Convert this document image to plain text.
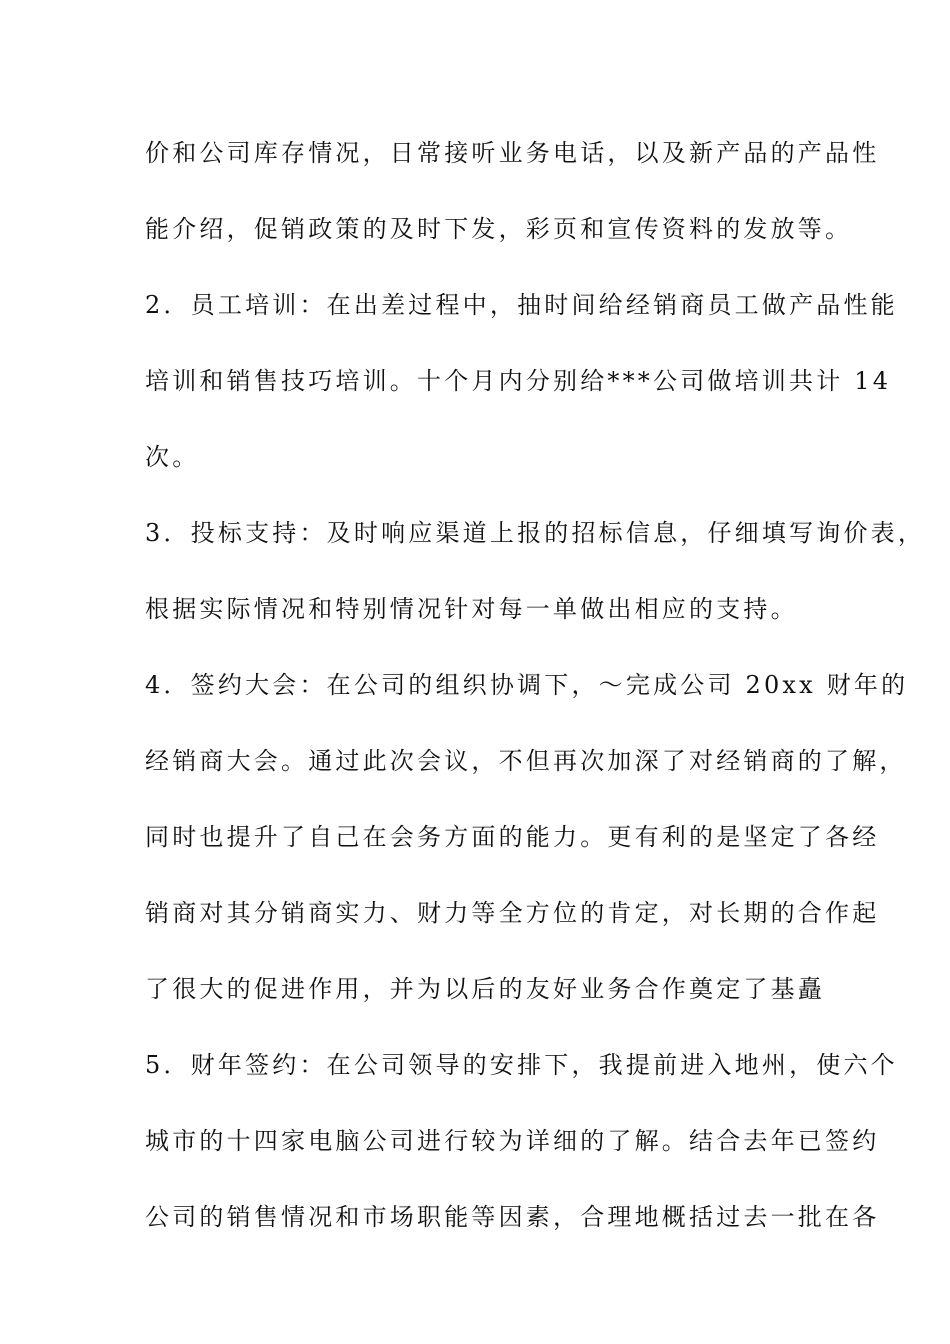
价和公司库存情况，日常接听业务电话，以及新产品的产品性
能介绍，促销政策的及时下发，彩页和宣传资料的发放等。
2．员工培训：在出差过程中，抽时间给经销商员工做产品性能
培训和销售技巧培训。十个月内分别给***公司做培训共计 14
次。
3．投标支持：及时响应渠道上报的招标信息，仔细填写询价表，
根据实际情况和特别情况针对每一单做出相应的支持。
4．签约大会：在公司的组织协调下，～完成公司 20xx 财年的
经销商大会。通过此次会议，不但再次加深了对经销商的了解，
同时也提升了自己在会务方面的能力。更有利的是坚定了各经
销商对其分销商实力、财力等全方位的肯定，对长期的合作起
了很大的促进作用，并为以后的友好业务合作奠定了基矗
5．财年签约：在公司领导的安排下，我提前进入地州，使六个
城市的十四家电脑公司进行较为详细的了解。结合去年已签约
公司的销售情况和市场职能等因素，合理地概括过去一批在各
